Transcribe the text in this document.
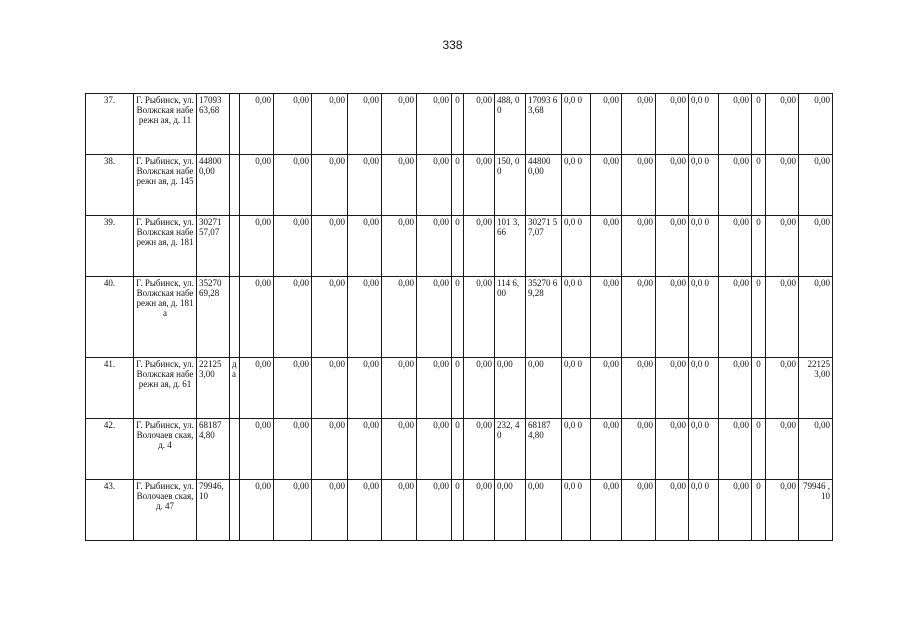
338
37.	Г. Рыбинск, ул. Волжская набережн ая, д. 11	17093 63,68		0,00	0,00	0,00	0,00	0,00	0,00	0	0,00	488, 00	17093 63,68	0,0 0	0,00	0,00	0,00	0,0 0	0,00	0	0,00	0,00
38.	Г. Рыбинск, ул. Волжская набережн ая, д. 145	44800 0,00		0,00	0,00	0,00	0,00	0,00	0,00	0	0,00	150, 00	44800 0,00	0,0 0	0,00	0,00	0,00	0,0 0	0,00	0	0,00	0,00
39.	Г. Рыбинск, ул. Волжская набережн ая, д. 181	30271 57,07		0,00	0,00	0,00	0,00	0,00	0,00	0	0,00	101 3,66	30271 57,07	0,0 0	0,00	0,00	0,00	0,0 0	0,00	0	0,00	0,00
40.	Г. Рыбинск, ул. Волжская набережн ая, д. 181а	35270 69,28		0,00	0,00	0,00	0,00	0,00	0,00	0	0,00	114 6,00	35270 69,28	0,0 0	0,00	0,00	0,00	0,0 0	0,00	0	0,00	0,00
41.	Г. Рыбинск, ул. Волжская набережн ая, д. 61	22125 3,00	д а	0,00	0,00	0,00	0,00	0,00	0,00	0	0,00	0,00	0,00	0,0 0	0,00	0,00	0,00	0,0 0	0,00	0	0,00	22125 3,00
42.	Г. Рыбинск, ул. Волочаев ская, д. 4	68187 4,80		0,00	0,00	0,00	0,00	0,00	0,00	0	0,00	232, 40	68187 4,80	0,0 0	0,00	0,00	0,00	0,0 0	0,00	0	0,00	0,00
43.	Г. Рыбинск, ул. Волочаев ская, д. 47	79946, 10		0,00	0,00	0,00	0,00	0,00	0,00	0	0,00	0,00	0,00	0,0 0	0,00	0,00	0,00	0,0 0	0,00	0	0,00	79946 ,10
